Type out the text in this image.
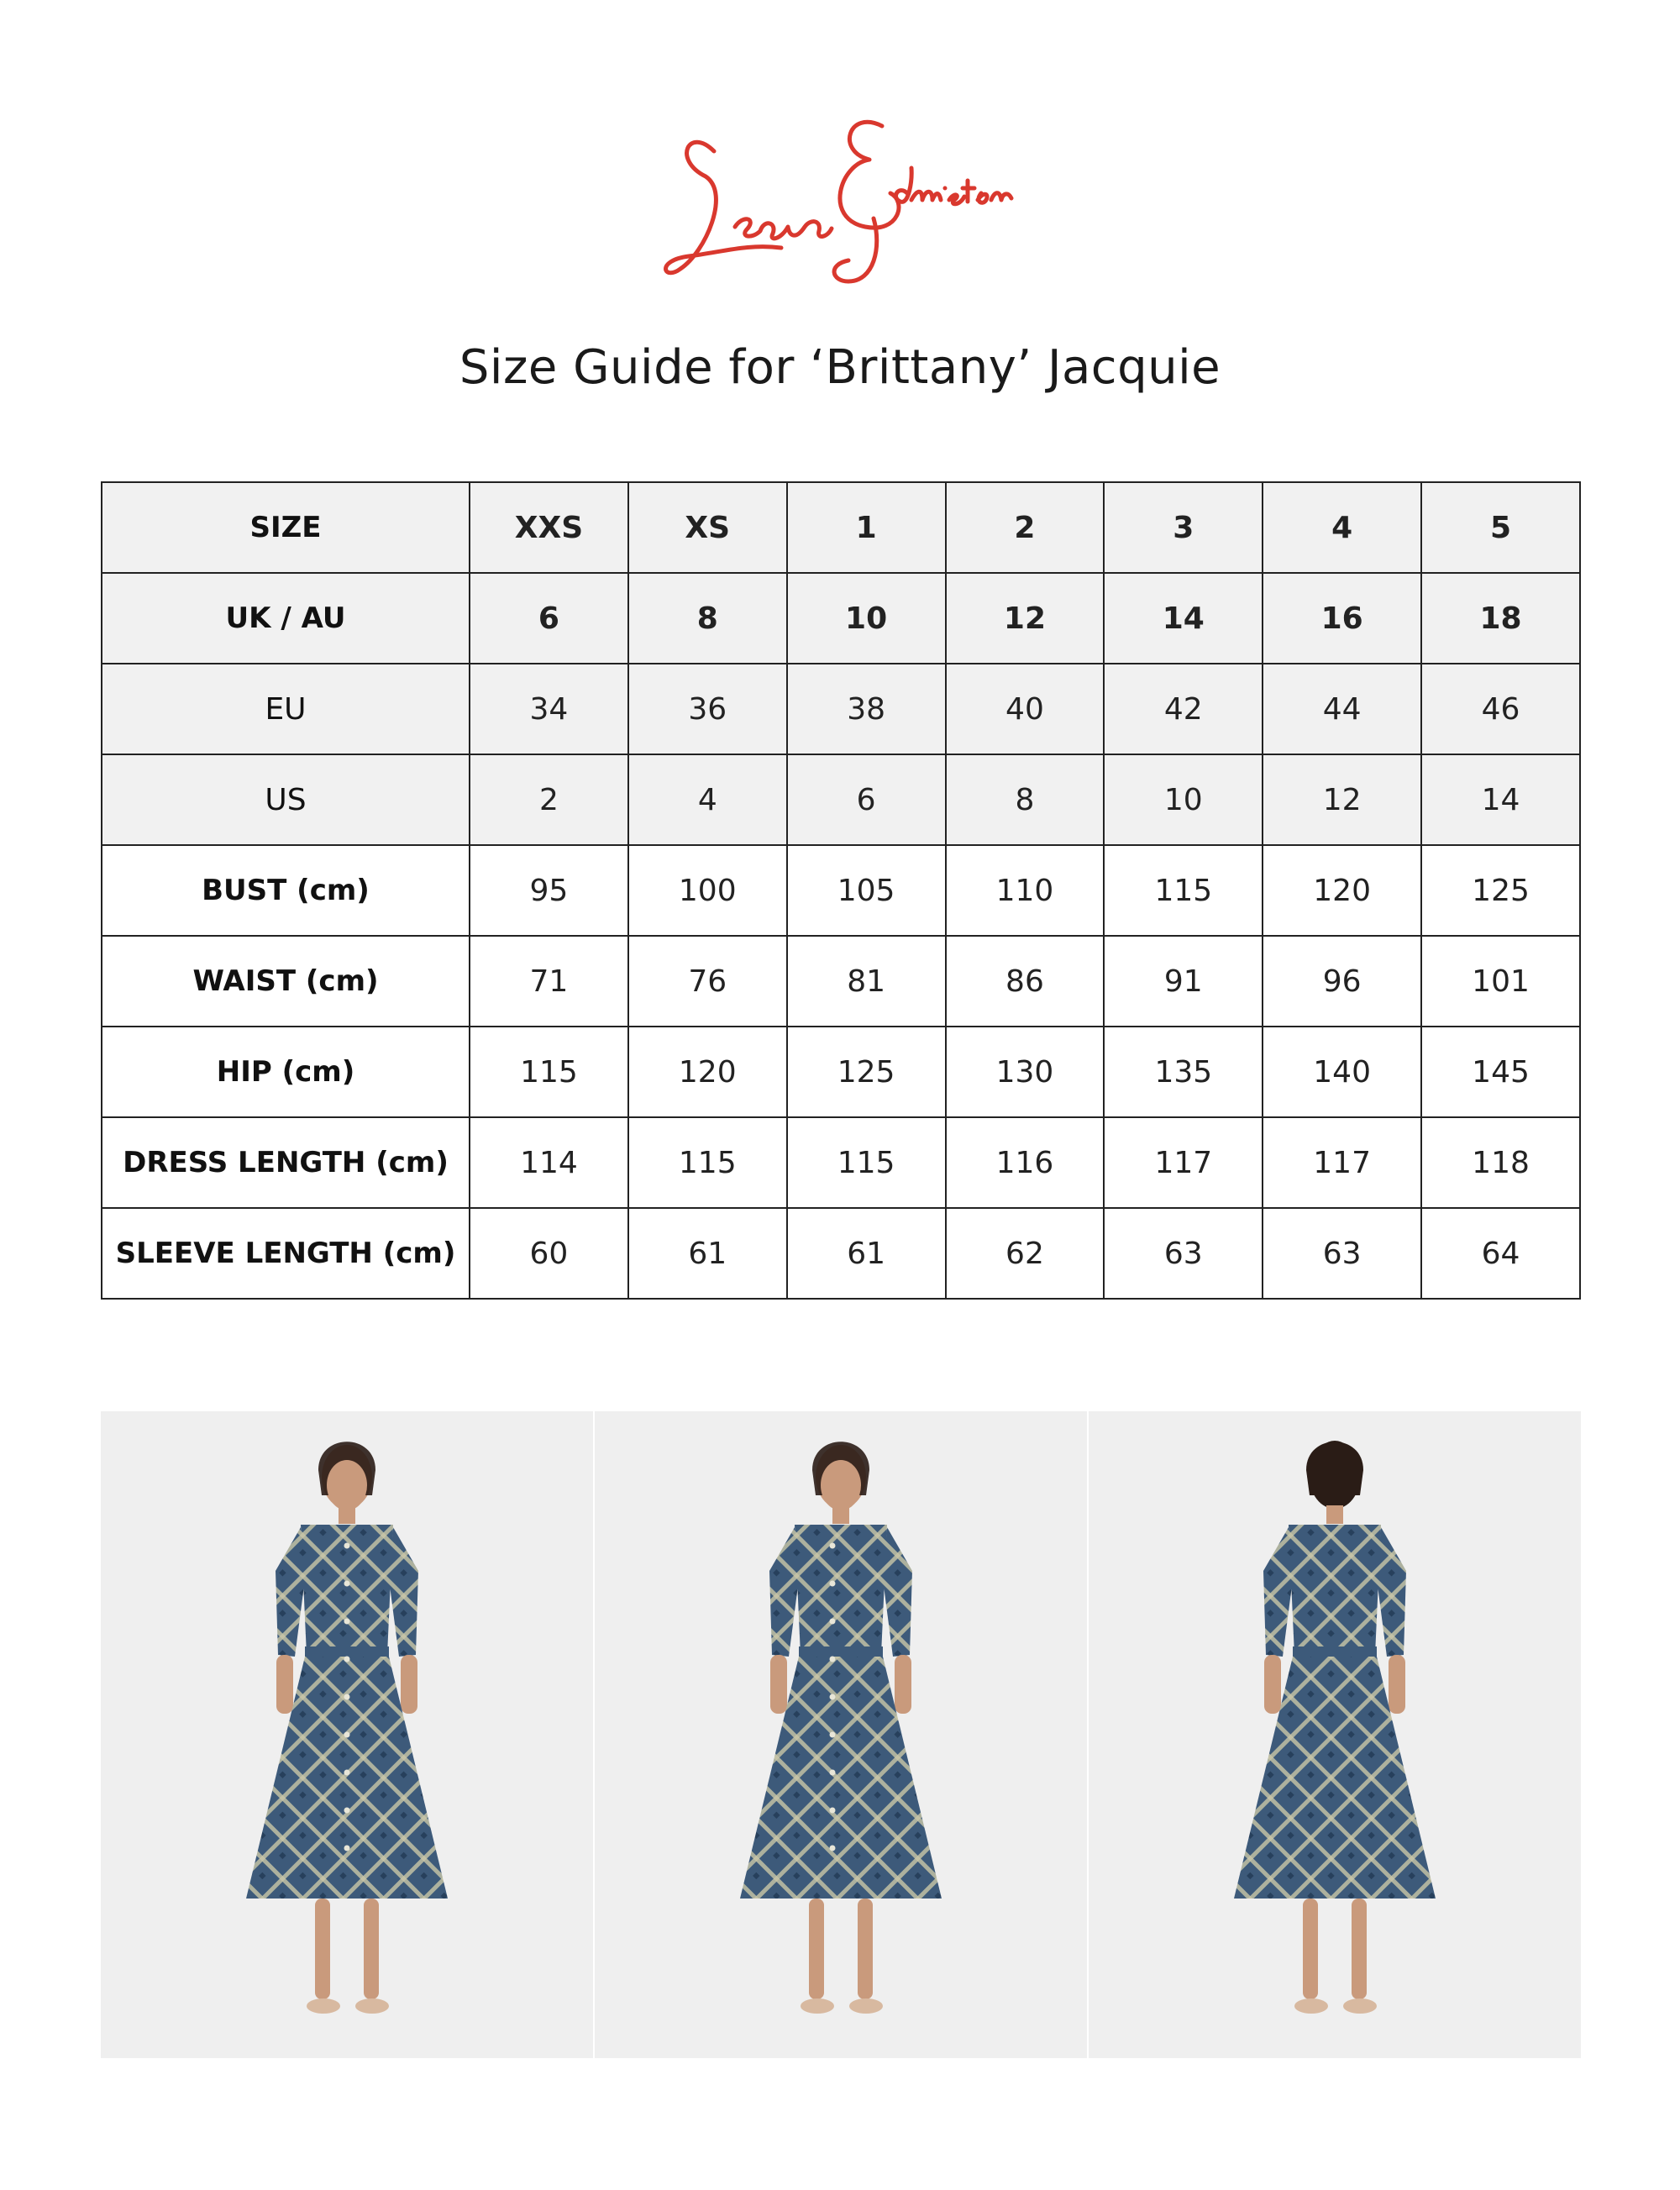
Size Guide for ‘Brittany’ Jacquie
SIZE	XXS	XS	1	2	3	4	5
UK / AU	6	8	10	12	14	16	18
EU	34	36	38	40	42	44	46
US	2	4	6	8	10	12	14
BUST (cm)	95	100	105	110	115	120	125
WAIST (cm)	71	76	81	86	91	96	101
HIP (cm)	115	120	125	130	135	140	145
DRESS LENGTH (cm)	114	115	115	116	117	117	118
SLEEVE LENGTH (cm)	60	61	61	62	63	63	64
